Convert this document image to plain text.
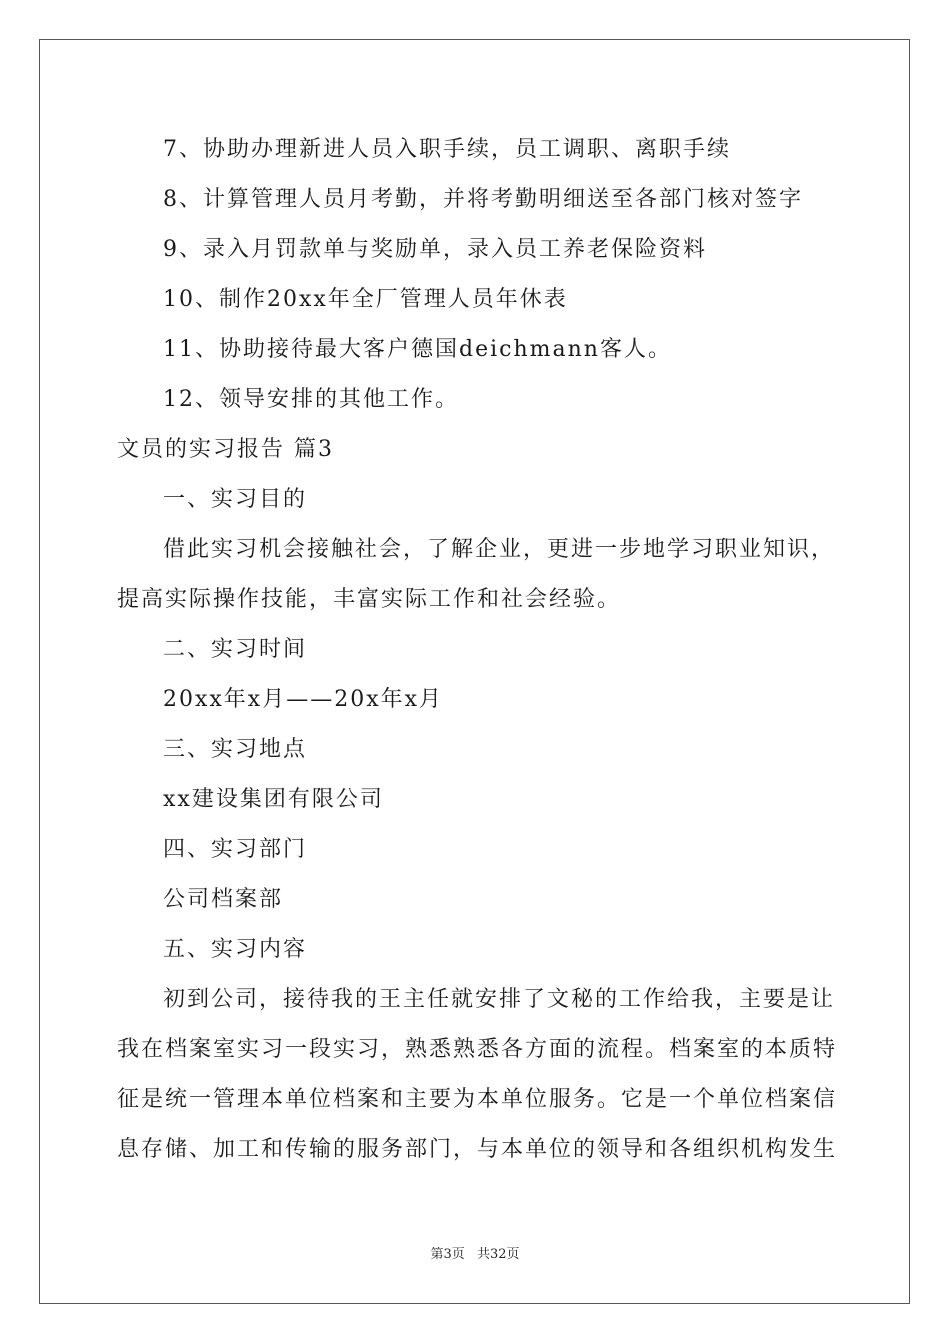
7、协助办理新进人员入职手续，员工调职、离职手续
8、计算管理人员月考勤，并将考勤明细送至各部门核对签字
9、录入月罚款单与奖励单，录入员工养老保险资料
10、制作20xx年全厂管理人员年休表
11、协助接待最大客户德国deichmann客人。
12、领导安排的其他工作。
文员的实习报告 篇3
一、实习目的
借此实习机会接触社会，了解企业，更进一步地学习职业知识，
提高实际操作技能，丰富实际工作和社会经验。
二、实习时间
20xx年x月——20x年x月
三、实习地点
xx建设集团有限公司
四、实习部门
公司档案部
五、实习内容
初到公司，接待我的王主任就安排了文秘的工作给我，主要是让
我在档案室实习一段实习，熟悉熟悉各方面的流程。档案室的本质特
征是统一管理本单位档案和主要为本单位服务。它是一个单位档案信
息存储、加工和传输的服务部门，与本单位的领导和各组织机构发生
第3页 共32页
